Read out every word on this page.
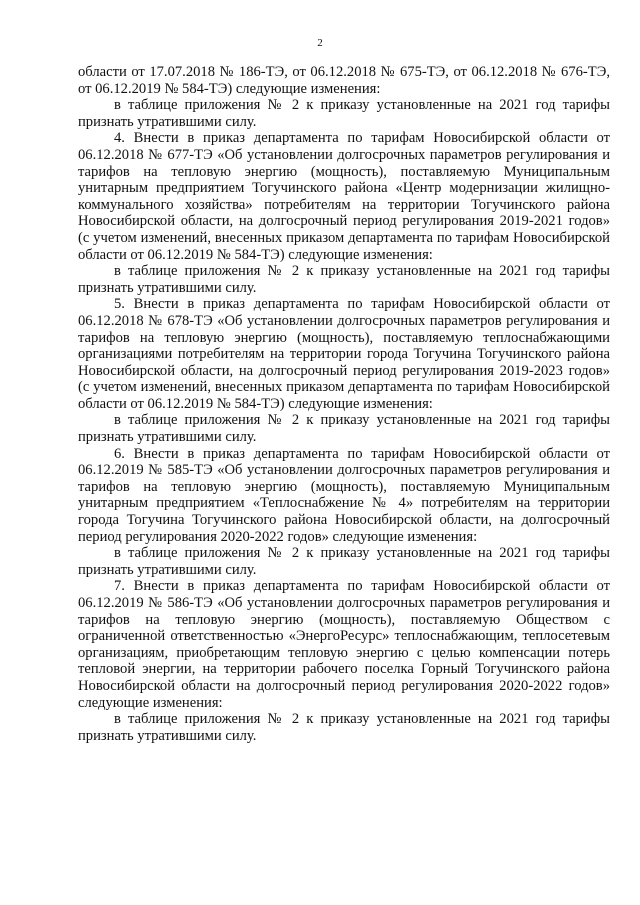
2

области от 17.07.2018 № 186-ТЭ, от 06.12.2018 № 675-ТЭ, от 06.12.2018 № 676-ТЭ, от 06.12.2019 № 584-ТЭ) следующие изменения:

в таблице приложения № 2 к приказу установленные на 2021 год тарифы признать утратившими силу.

4. Внести в приказ департамента по тарифам Новосибирской области от 06.12.2018 № 677-ТЭ «Об установлении долгосрочных параметров регулирования и тарифов на тепловую энергию (мощность), поставляемую Муниципальным унитарным предприятием Тогучинского района «Центр модернизации жилищно-коммунального хозяйства» потребителям на территории Тогучинского района Новосибирской области, на долгосрочный период регулирования 2019-2021 годов» (с учетом изменений, внесенных приказом департамента по тарифам Новосибирской области от 06.12.2019 № 584-ТЭ) следующие изменения:

в таблице приложения № 2 к приказу установленные на 2021 год тарифы признать утратившими силу.

5. Внести в приказ департамента по тарифам Новосибирской области от 06.12.2018 № 678-ТЭ «Об установлении долгосрочных параметров регулирования и тарифов на тепловую энергию (мощность), поставляемую теплоснабжающими организациями потребителям на территории города Тогучина Тогучинского района Новосибирской области, на долгосрочный период регулирования 2019-2023 годов» (с учетом изменений, внесенных приказом департамента по тарифам Новосибирской области от 06.12.2019 № 584-ТЭ) следующие изменения:

в таблице приложения № 2 к приказу установленные на 2021 год тарифы признать утратившими силу.

6. Внести в приказ департамента по тарифам Новосибирской области от 06.12.2019 № 585-ТЭ «Об установлении долгосрочных параметров регулирования и тарифов на тепловую энергию (мощность), поставляемую Муниципальным унитарным предприятием «Теплоснабжение № 4» потребителям на территории города Тогучина Тогучинского района Новосибирской области, на долгосрочный период регулирования 2020-2022 годов» следующие изменения:

в таблице приложения № 2 к приказу установленные на 2021 год тарифы признать утратившими силу.

7. Внести в приказ департамента по тарифам Новосибирской области от 06.12.2019 № 586-ТЭ «Об установлении долгосрочных параметров регулирования и тарифов на тепловую энергию (мощность), поставляемую Обществом с ограниченной ответственностью «ЭнергоРесурс» теплоснабжающим, теплосетевым организациям, приобретающим тепловую энергию с целью компенсации потерь тепловой энергии, на территории рабочего поселка Горный Тогучинского района Новосибирской области на долгосрочный период регулирования 2020-2022 годов» следующие изменения:

в таблице приложения № 2 к приказу установленные на 2021 год тарифы признать утратившими силу.
